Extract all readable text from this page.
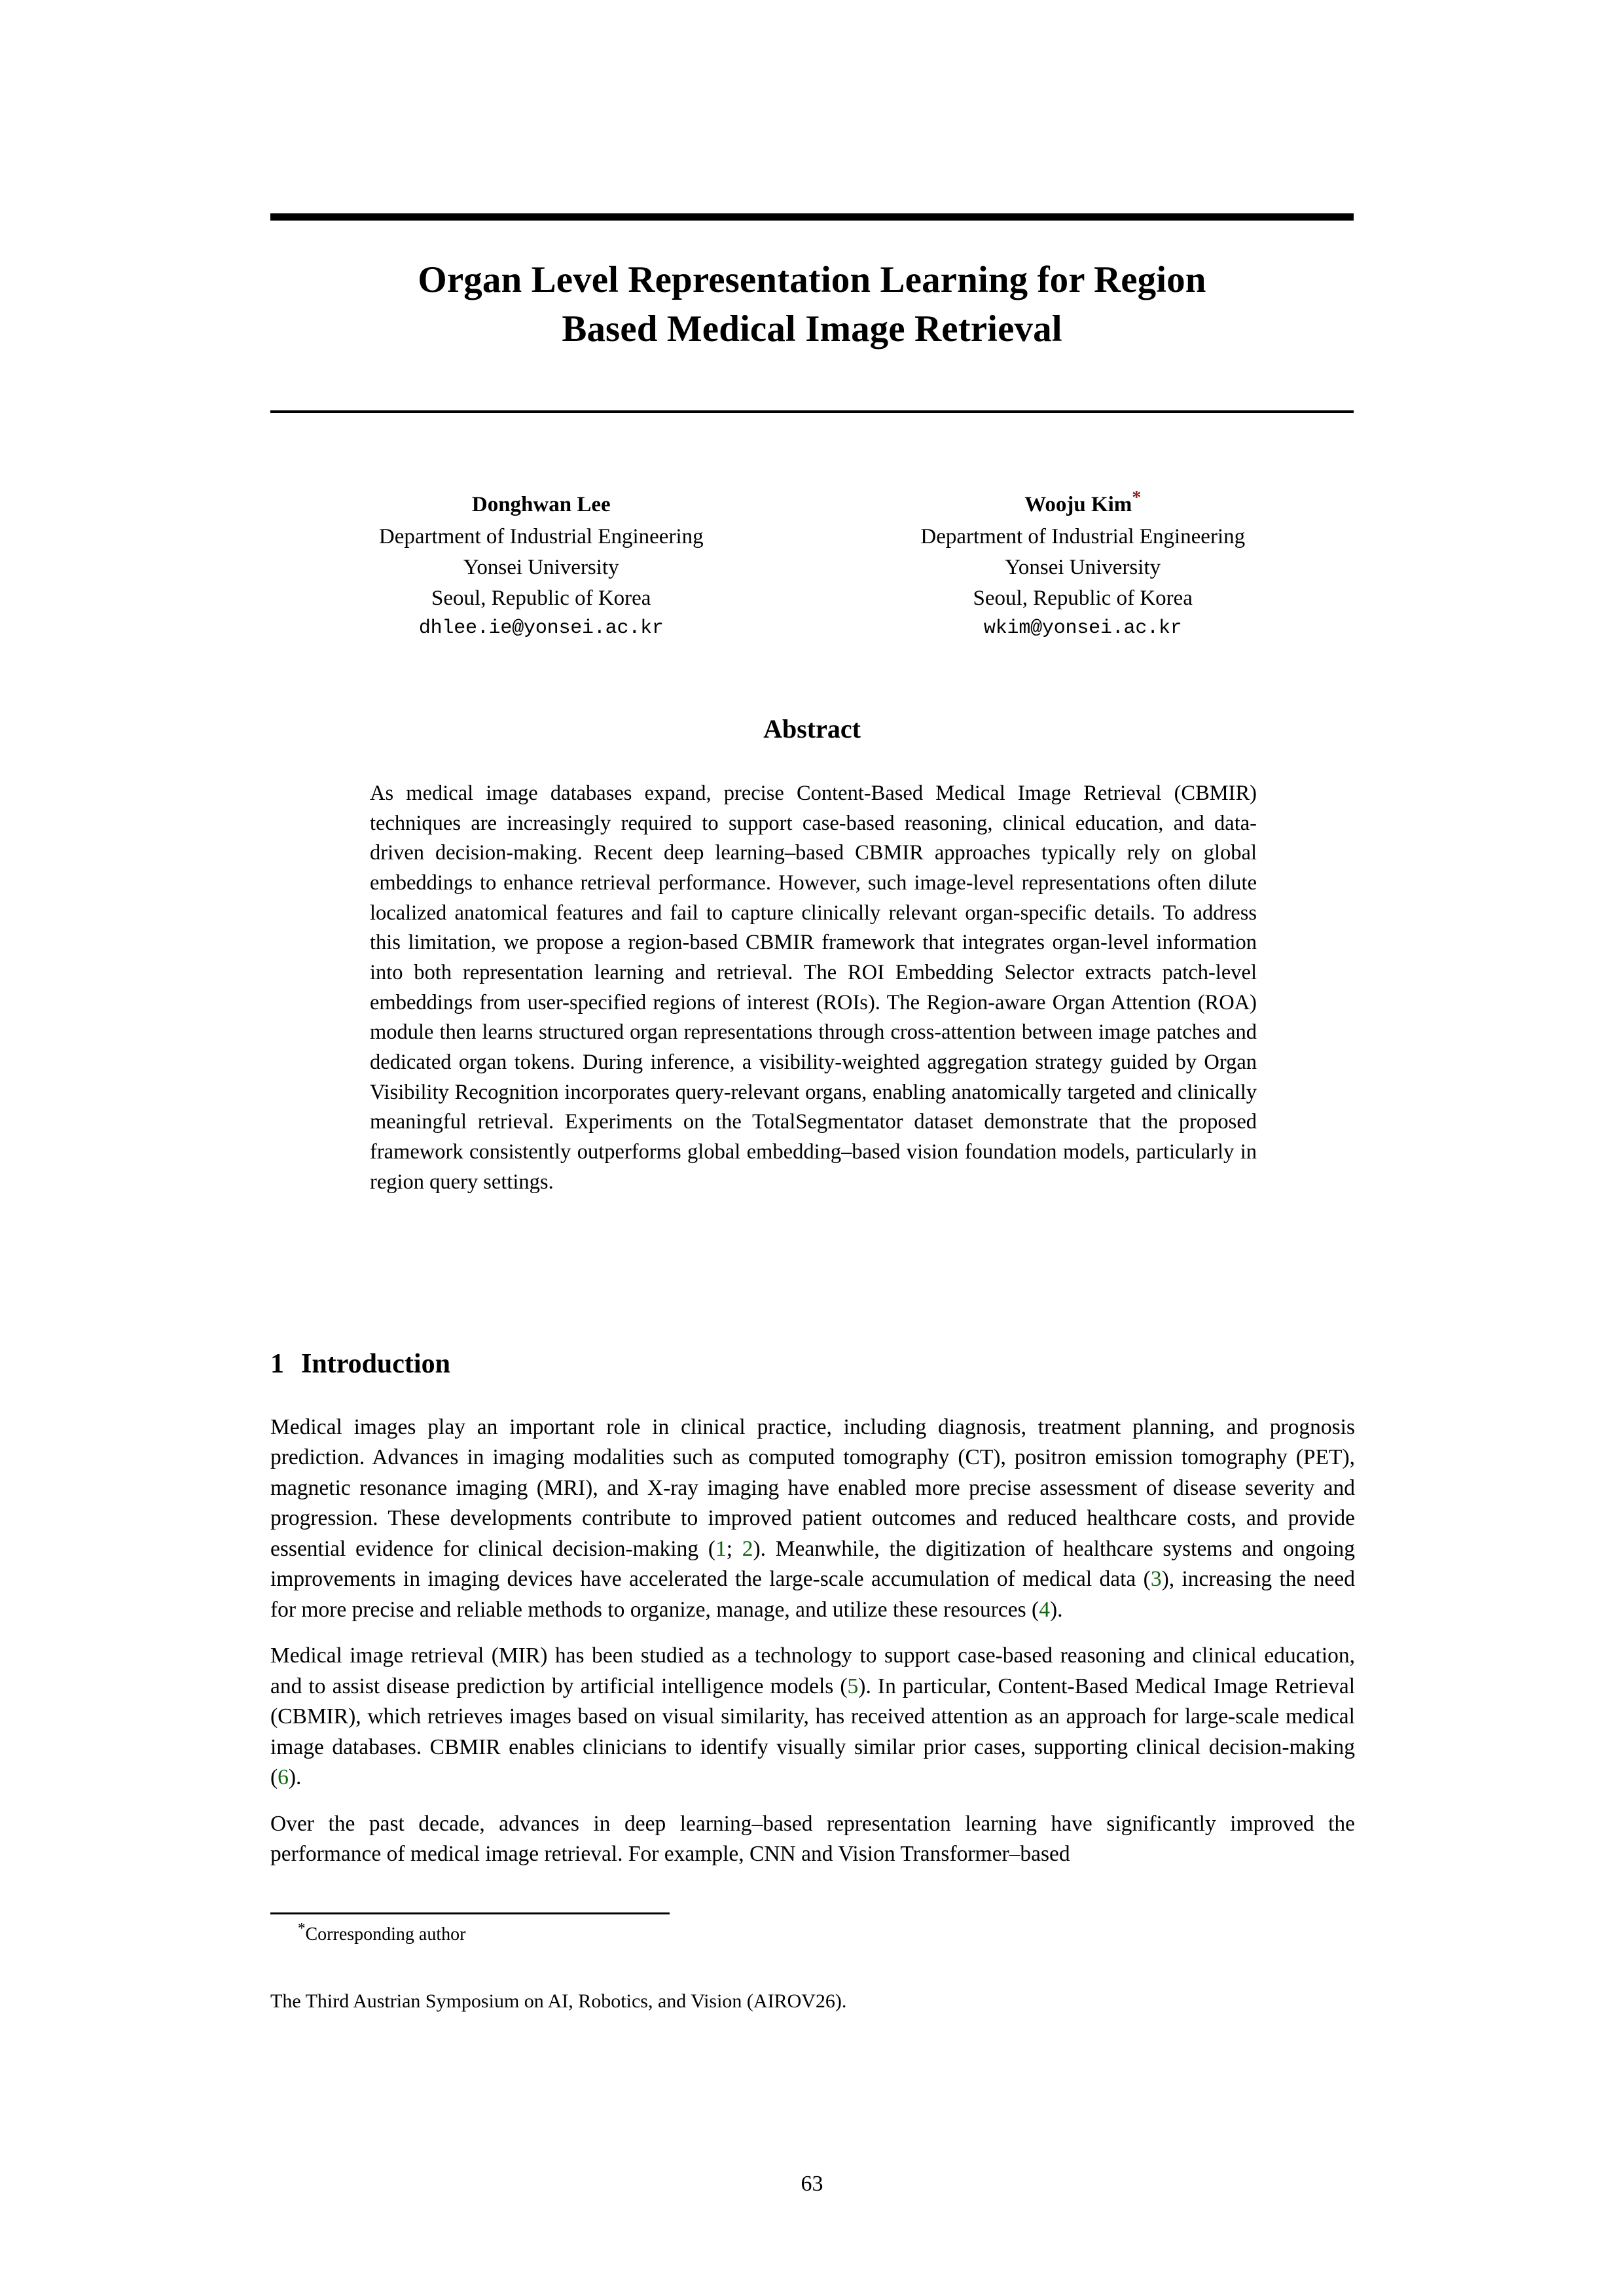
Organ Level Representation Learning for Region
Based Medical Image Retrieval
Donghwan Lee
Department of Industrial Engineering
Yonsei University
Seoul, Republic of Korea
dhlee.ie@yonsei.ac.kr
Wooju Kim*
Department of Industrial Engineering
Yonsei University
Seoul, Republic of Korea
wkim@yonsei.ac.kr
Abstract
As medical image databases expand, precise Content-Based Medical Image Retrieval (CBMIR) techniques are increasingly required to support case-based reasoning, clinical education, and data-driven decision-making. Recent deep learning–based CBMIR approaches typically rely on global embeddings to enhance retrieval performance. However, such image-level representations often dilute localized anatomical features and fail to capture clinically relevant organ-specific details. To address this limitation, we propose a region-based CBMIR framework that integrates organ-level information into both representation learning and retrieval. The ROI Embedding Selector extracts patch-level embeddings from user-specified regions of interest (ROIs). The Region-aware Organ Attention (ROA) module then learns structured organ representations through cross-attention between image patches and dedicated organ tokens. During inference, a visibility-weighted aggregation strategy guided by Organ Visibility Recognition incorporates query-relevant organs, enabling anatomically targeted and clinically meaningful retrieval. Experiments on the TotalSegmentator dataset demonstrate that the proposed framework consistently outperforms global embedding–based vision foundation models, particularly in region query settings.
1 Introduction

Medical images play an important role in clinical practice, including diagnosis, treatment planning, and prognosis prediction. Advances in imaging modalities such as computed tomography (CT), positron emission tomography (PET), magnetic resonance imaging (MRI), and X-ray imaging have enabled more precise assessment of disease severity and progression. These developments contribute to improved patient outcomes and reduced healthcare costs, and provide essential evidence for clinical decision-making (1; 2). Meanwhile, the digitization of healthcare systems and ongoing improvements in imaging devices have accelerated the large-scale accumulation of medical data (3), increasing the need for more precise and reliable methods to organize, manage, and utilize these resources (4).

Medical image retrieval (MIR) has been studied as a technology to support case-based reasoning and clinical education, and to assist disease prediction by artificial intelligence models (5). In particular, Content-Based Medical Image Retrieval (CBMIR), which retrieves images based on visual similarity, has received attention as an approach for large-scale medical image databases. CBMIR enables clinicians to identify visually similar prior cases, supporting clinical decision-making (6).

Over the past decade, advances in deep learning–based representation learning have significantly improved the performance of medical image retrieval. For example, CNN and Vision Transformer–based

*Corresponding author
The Third Austrian Symposium on AI, Robotics, and Vision (AIROV26).
63
